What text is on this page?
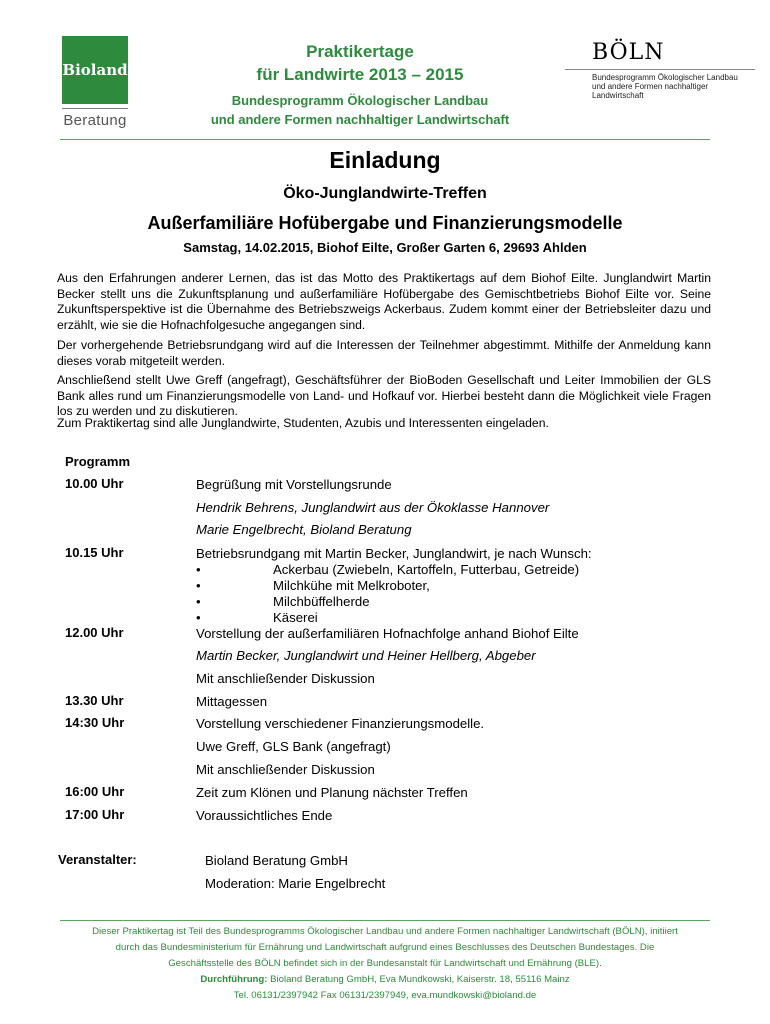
Bioland
Beratung
Praktikertage
für Landwirte 2013 – 2015
Bundesprogramm Ökologischer Landbau
und andere Formen nachhaltiger Landwirtschaft
BÖLN
Bundesprogramm Ökologischer Landbau
und andere Formen nachhaltiger
Landwirtschaft
Einladung
Öko-Junglandwirte-Treffen
Außerfamiliäre Hofübergabe und Finanzierungsmodelle
Samstag, 14.02.2015, Biohof Eilte, Großer Garten 6, 29693 Ahlden
Aus den Erfahrungen anderer Lernen, das ist das Motto des Praktikertags auf dem Biohof Eilte. Junglandwirt Martin Becker stellt uns die Zukunftsplanung und außerfamiliäre Hofübergabe des Gemischtbetriebs Biohof Eilte vor. Seine Zukunftsperspektive ist die Übernahme des Betriebszweigs Ackerbaus. Zudem kommt einer der Betriebsleiter dazu und erzählt, wie sie die Hofnachfolgesuche angegangen sind.
Der vorhergehende Betriebsrundgang wird auf die Interessen der Teilnehmer abgestimmt. Mithilfe der Anmeldung kann dieses vorab mitgeteilt werden.
Anschließend stellt Uwe Greff (angefragt), Geschäftsführer der BioBoden Gesellschaft und Leiter Immobilien der GLS Bank alles rund um Finanzierungsmodelle von Land- und Hofkauf vor. Hierbei besteht dann die Möglichkeit viele Fragen los zu werden und zu diskutieren.
Zum Praktikertag sind alle Junglandwirte, Studenten, Azubis und Interessenten eingeladen.
Programm
10.00 Uhr	Begrüßung mit Vorstellungsrunde
Hendrik Behrens, Junglandwirt aus der Ökoklasse Hannover
Marie Engelbrecht, Bioland Beratung
10.15 Uhr	Betriebsrundgang mit Martin Becker, Junglandwirt, je nach Wunsch:
•	Ackerbau (Zwiebeln, Kartoffeln, Futterbau, Getreide)
•	Milchkühe mit Melkroboter,
•	Milchbüffelherde
•	Käserei
12.00 Uhr	Vorstellung der außerfamiliären Hofnachfolge anhand Biohof Eilte
Martin Becker, Junglandwirt und Heiner Hellberg, Abgeber
Mit anschließender Diskussion
13.30 Uhr	Mittagessen
14:30 Uhr	Vorstellung verschiedener Finanzierungsmodelle.
Uwe Greff, GLS Bank (angefragt)
Mit anschließender Diskussion
16:00 Uhr	Zeit zum Klönen und Planung nächster Treffen
17:00 Uhr	Voraussichtliches Ende
Veranstalter:	Bioland Beratung GmbH
Moderation: Marie Engelbrecht
Dieser Praktikertag ist Teil des Bundesprogramms Ökologischer Landbau und andere Formen nachhaltiger Landwirtschaft (BÖLN), initiiert
durch das Bundesministerium für Ernährung und Landwirtschaft aufgrund eines Beschlusses des Deutschen Bundestages. Die
Geschäftsstelle des BÖLN befindet sich in der Bundesanstalt für Landwirtschaft und Ernährung (BLE).
Durchführung: Bioland Beratung GmbH, Eva Mundkowski, Kaiserstr. 18, 55116 Mainz
Tel. 06131/2397942 Fax 06131/2397949, eva.mundkowski@bioland.de
